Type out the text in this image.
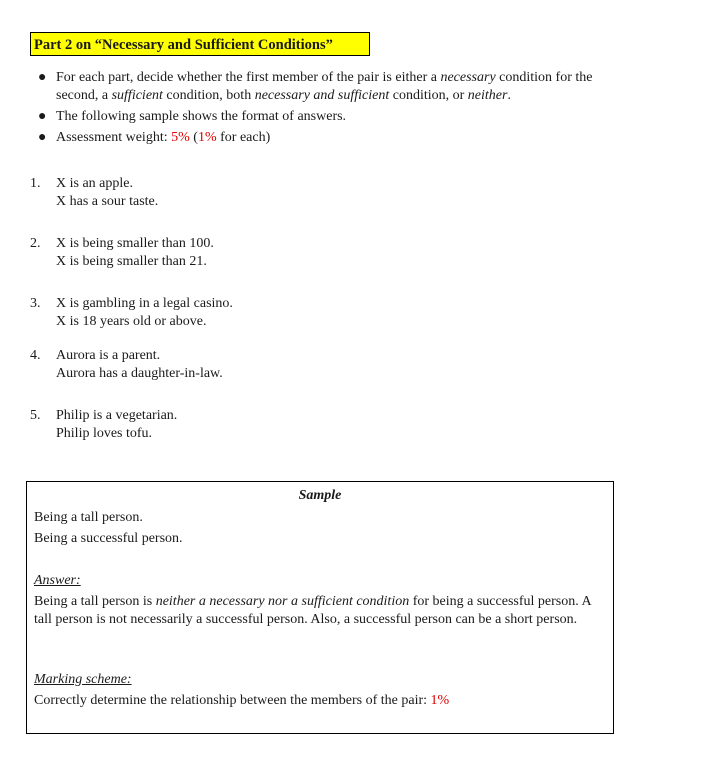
Part 2 on “Necessary and Sufficient Conditions”
● For each part, decide whether the first member of the pair is either a necessary condition for the second, a sufficient condition, both necessary and sufficient condition, or neither.
● The following sample shows the format of answers.
● Assessment weight: 5% (1% for each)
1. X is an apple.
X has a sour taste.
2. X is being smaller than 100.
X is being smaller than 21.
3. X is gambling in a legal casino.
X is 18 years old or above.
4. Aurora is a parent.
Aurora has a daughter-in-law.
5. Philip is a vegetarian.
Philip loves tofu.
Sample
Being a tall person.
Being a successful person.
Answer:
Being a tall person is neither a necessary nor a sufficient condition for being a successful person. A tall person is not necessarily a successful person. Also, a successful person can be a short person.
Marking scheme:
Correctly determine the relationship between the members of the pair: 1%
